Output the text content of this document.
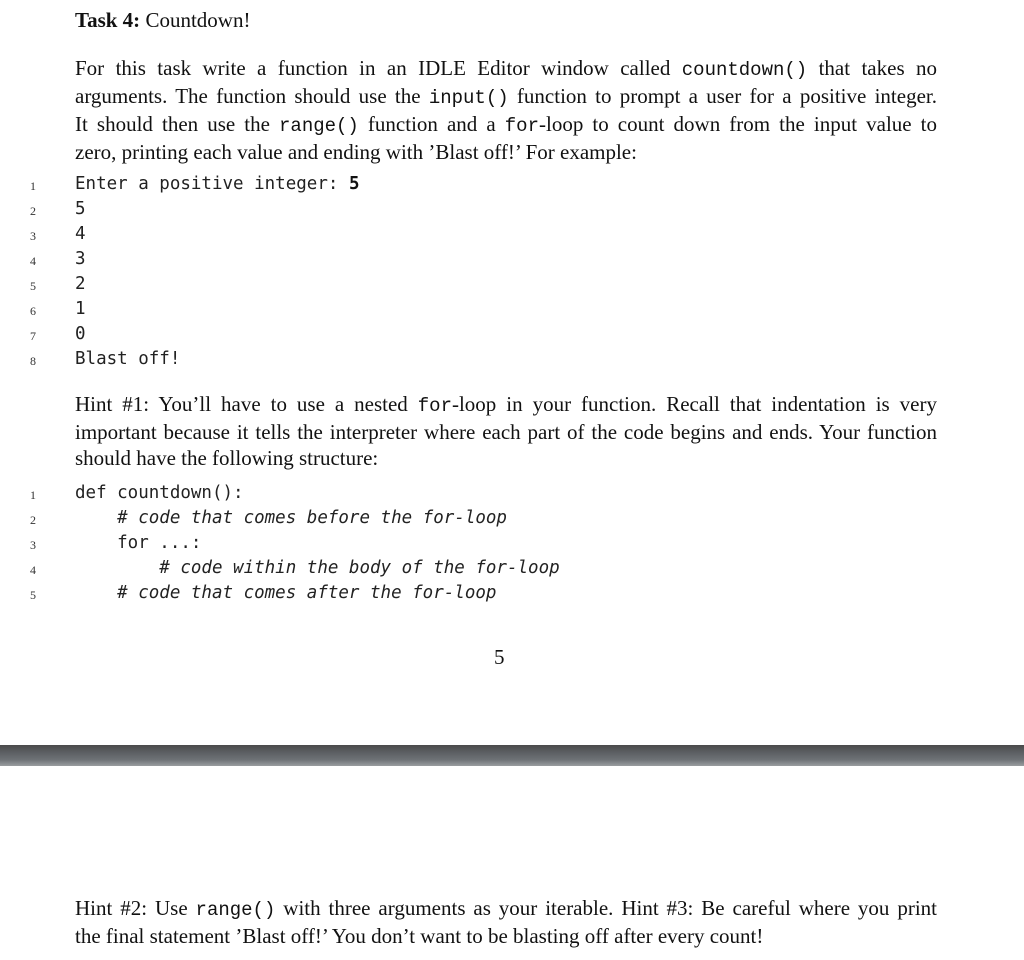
Task 4: Countdown!
For this task write a function in an IDLE Editor window called countdown() that takes no
arguments. The function should use the input() function to prompt a user for a positive integer.
It should then use the range() function and a for-loop to count down from the input value to
zero, printing each value and ending with ’Blast off!’ For example:
1	Enter a positive integer: 5
2	5
3	4
4	3
5	2
6	1
7	0
8	Blast off!
Hint #1: You’ll have to use a nested for-loop in your function. Recall that indentation is very
important because it tells the interpreter where each part of the code begins and ends. Your function
should have the following structure:
1	def countdown():
2	# code that comes before the for-loop
3	for ...:
4	# code within the body of the for-loop
5	# code that comes after the for-loop
5
Hint #2: Use range() with three arguments as your iterable. Hint #3: Be careful where you print
the final statement ’Blast off!’ You don’t want to be blasting off after every count!
